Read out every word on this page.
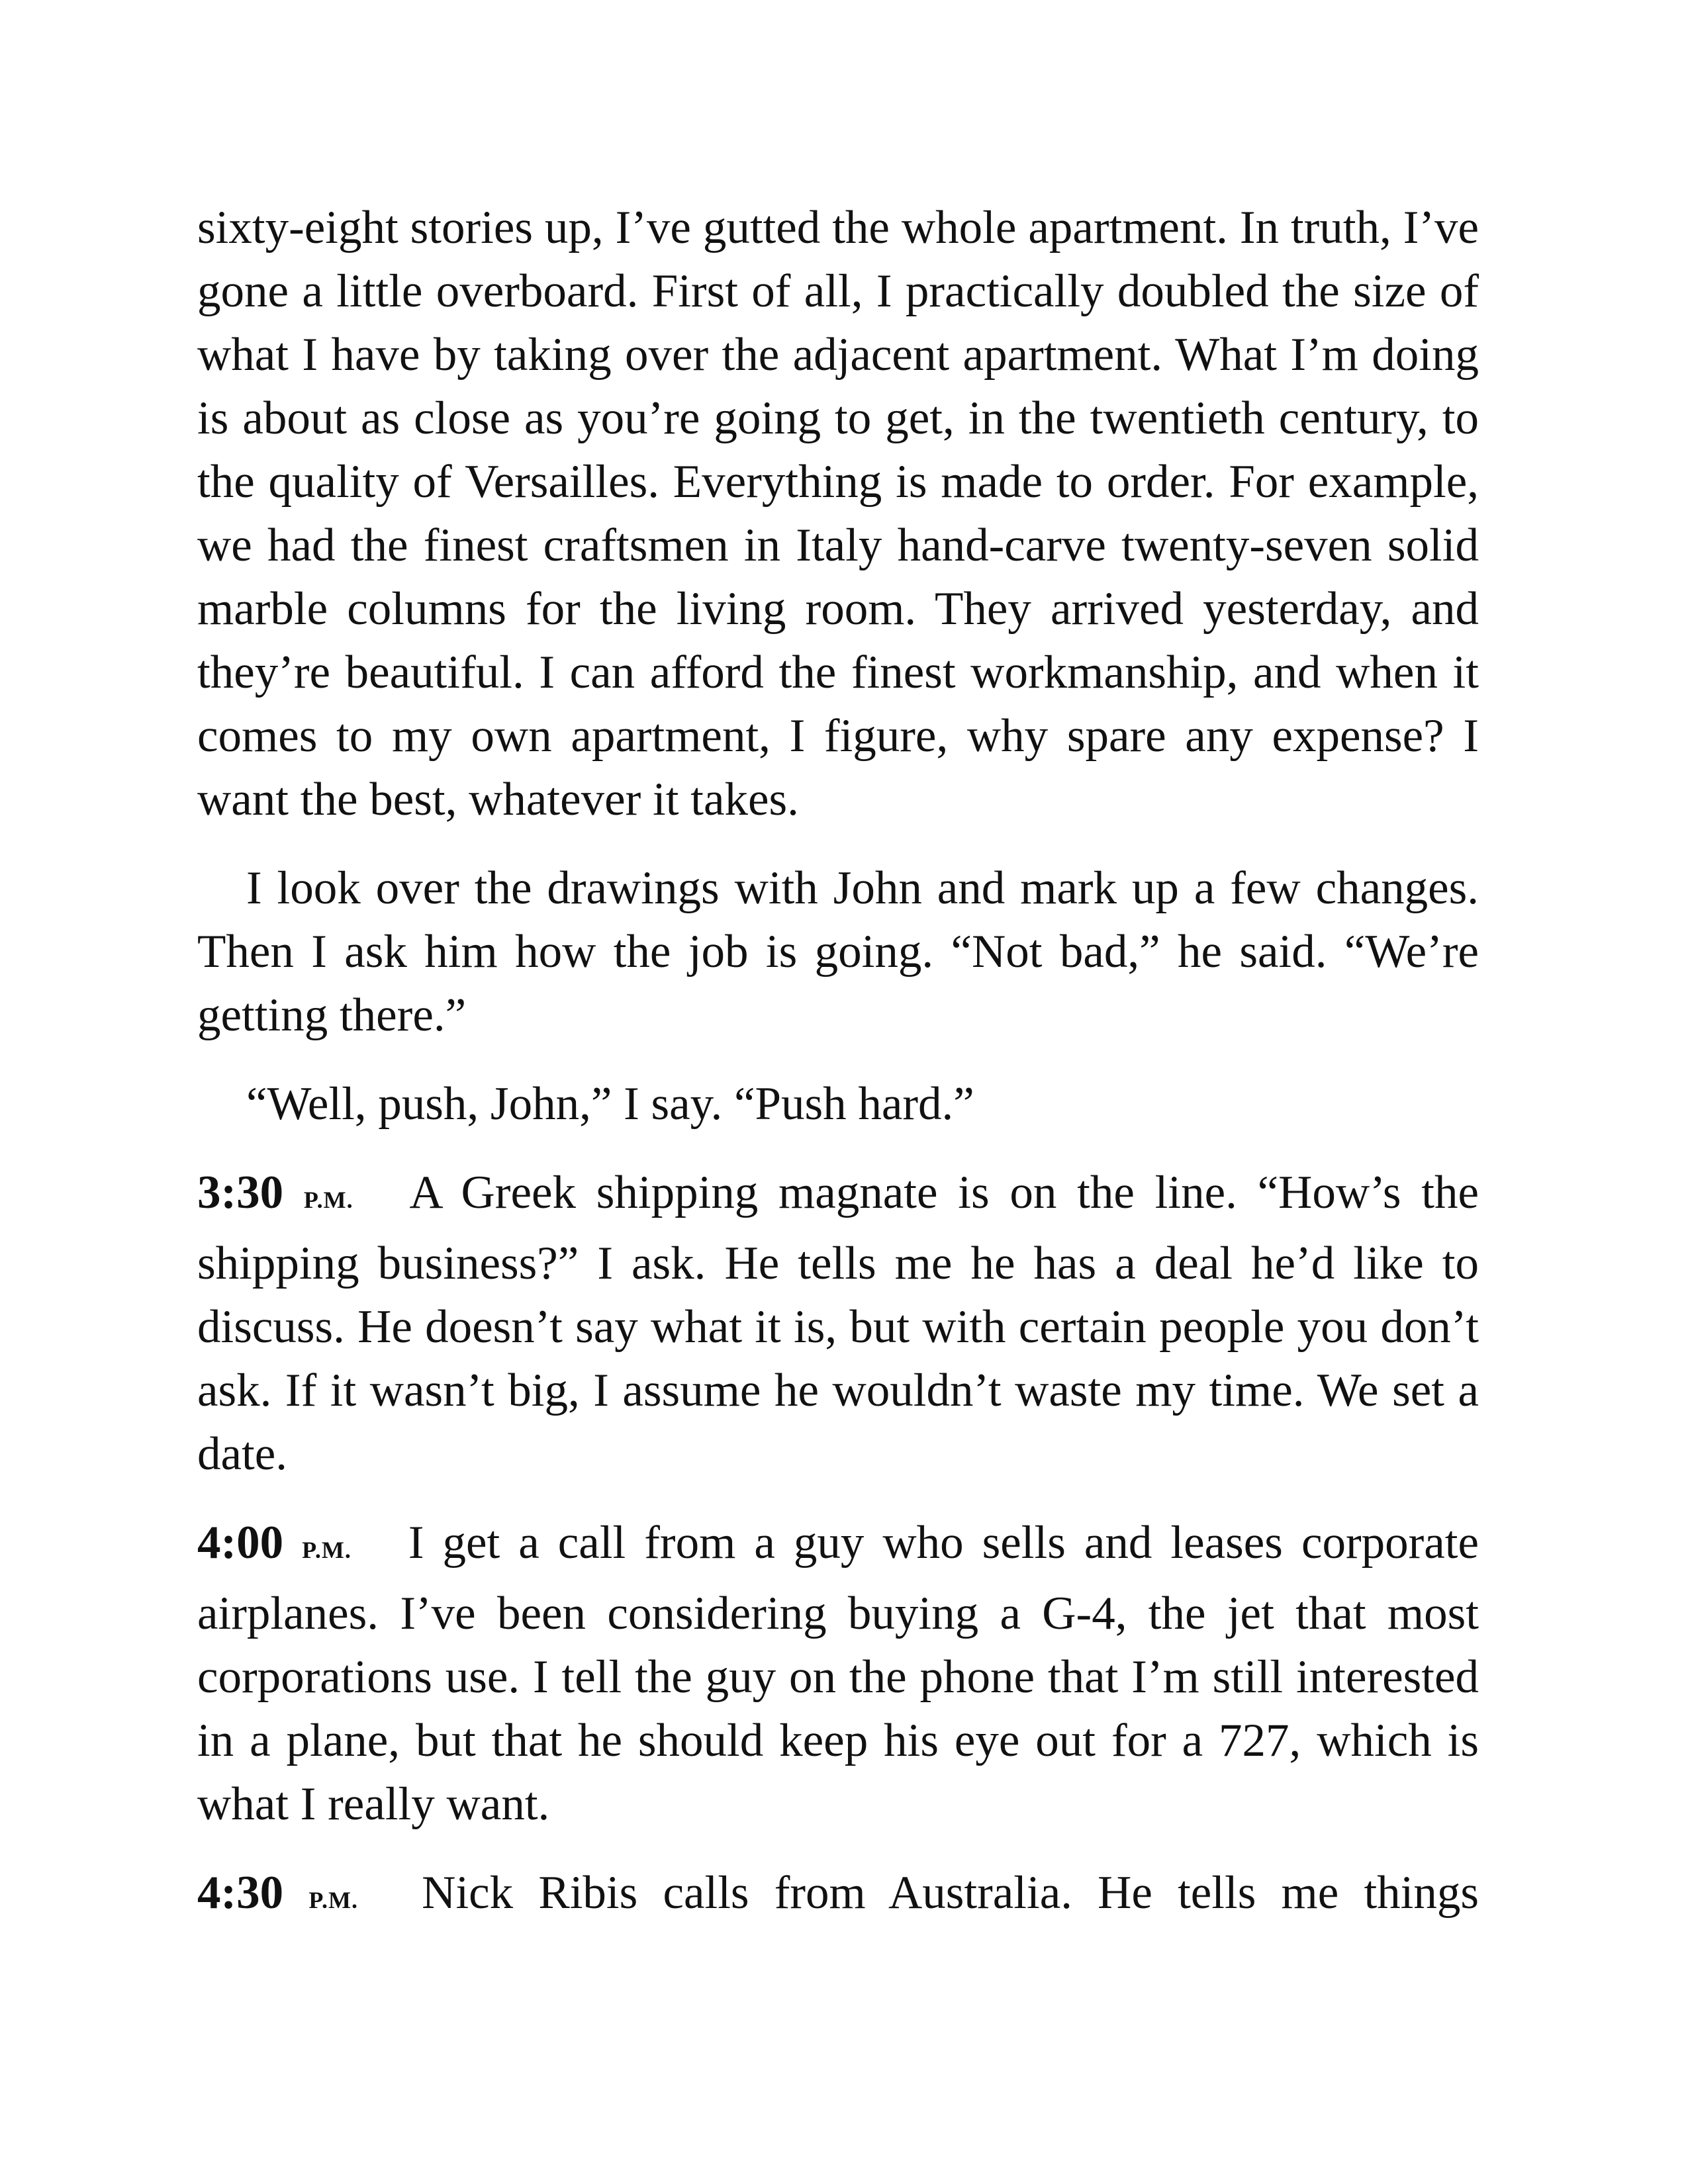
sixty-eight stories up, I’ve gutted the whole apartment. In truth, I’ve gone a little overboard. First of all, I practically doubled the size of what I have by taking over the adjacent apartment. What I’m doing is about as close as you’re going to get, in the twentieth century, to the quality of Versailles. Everything is made to order. For example, we had the finest craftsmen in Italy hand-carve twenty-seven solid marble columns for the living room. They arrived yesterday, and they’re beautiful. I can afford the finest workmanship, and when it comes to my own apartment, I figure, why spare any expense? I want the best, whatever it takes.

I look over the drawings with John and mark up a few changes. Then I ask him how the job is going. “Not bad,” he said. “We’re getting there.”

“Well, push, John,” I say. “Push hard.”

3:30 P.M. A Greek shipping magnate is on the line. “How’s the shipping business?” I ask. He tells me he has a deal he’d like to discuss. He doesn’t say what it is, but with certain people you don’t ask. If it wasn’t big, I assume he wouldn’t waste my time. We set a date.

4:00 P.M. I get a call from a guy who sells and leases corporate airplanes. I’ve been considering buying a G-4, the jet that most corporations use. I tell the guy on the phone that I’m still interested in a plane, but that he should keep his eye out for a 727, which is what I really want.

4:30 P.M. Nick Ribis calls from Australia. He tells me things
